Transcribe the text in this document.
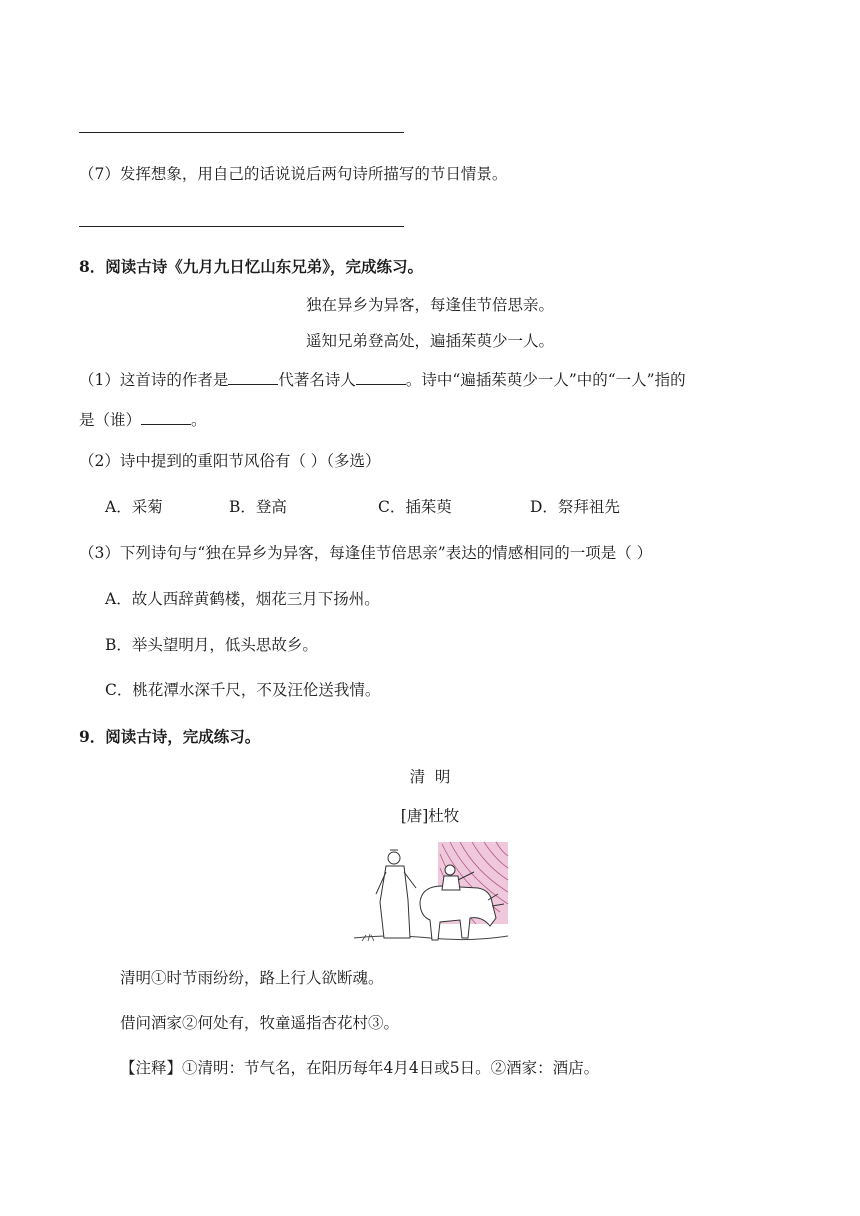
（7）发挥想象，用自己的话说说后两句诗所描写的节日情景。
8．阅读古诗《九月九日忆山东兄弟》，完成练习。
独在异乡为异客，每逢佳节倍思亲。
遥知兄弟登高处，遍插茱萸少一人。
（1）这首诗的作者是	代著名诗人	。诗中“遍插茱萸少一人”中的“一人”指的
是（谁）	。
（2）诗中提到的重阳节风俗有（ ）（多选）
A．采菊	B．登高	C．插茱萸	D．祭拜祖先
（3）下列诗句与“独在异乡为异客，每逢佳节倍思亲”表达的情感相同的一项是（ ）
A．故人西辞黄鹤楼，烟花三月下扬州。
B．举头望明月，低头思故乡。
C．桃花潭水深千尺，不及汪伦送我情。
9．阅读古诗，完成练习。
清  明
[唐]杜牧
清明①时节雨纷纷，路上行人欲断魂。
借问酒家②何处有，牧童遥指杏花村③。
【注释】①清明：节气名，在阳历每年4月4日或5日。②酒家：酒店。
